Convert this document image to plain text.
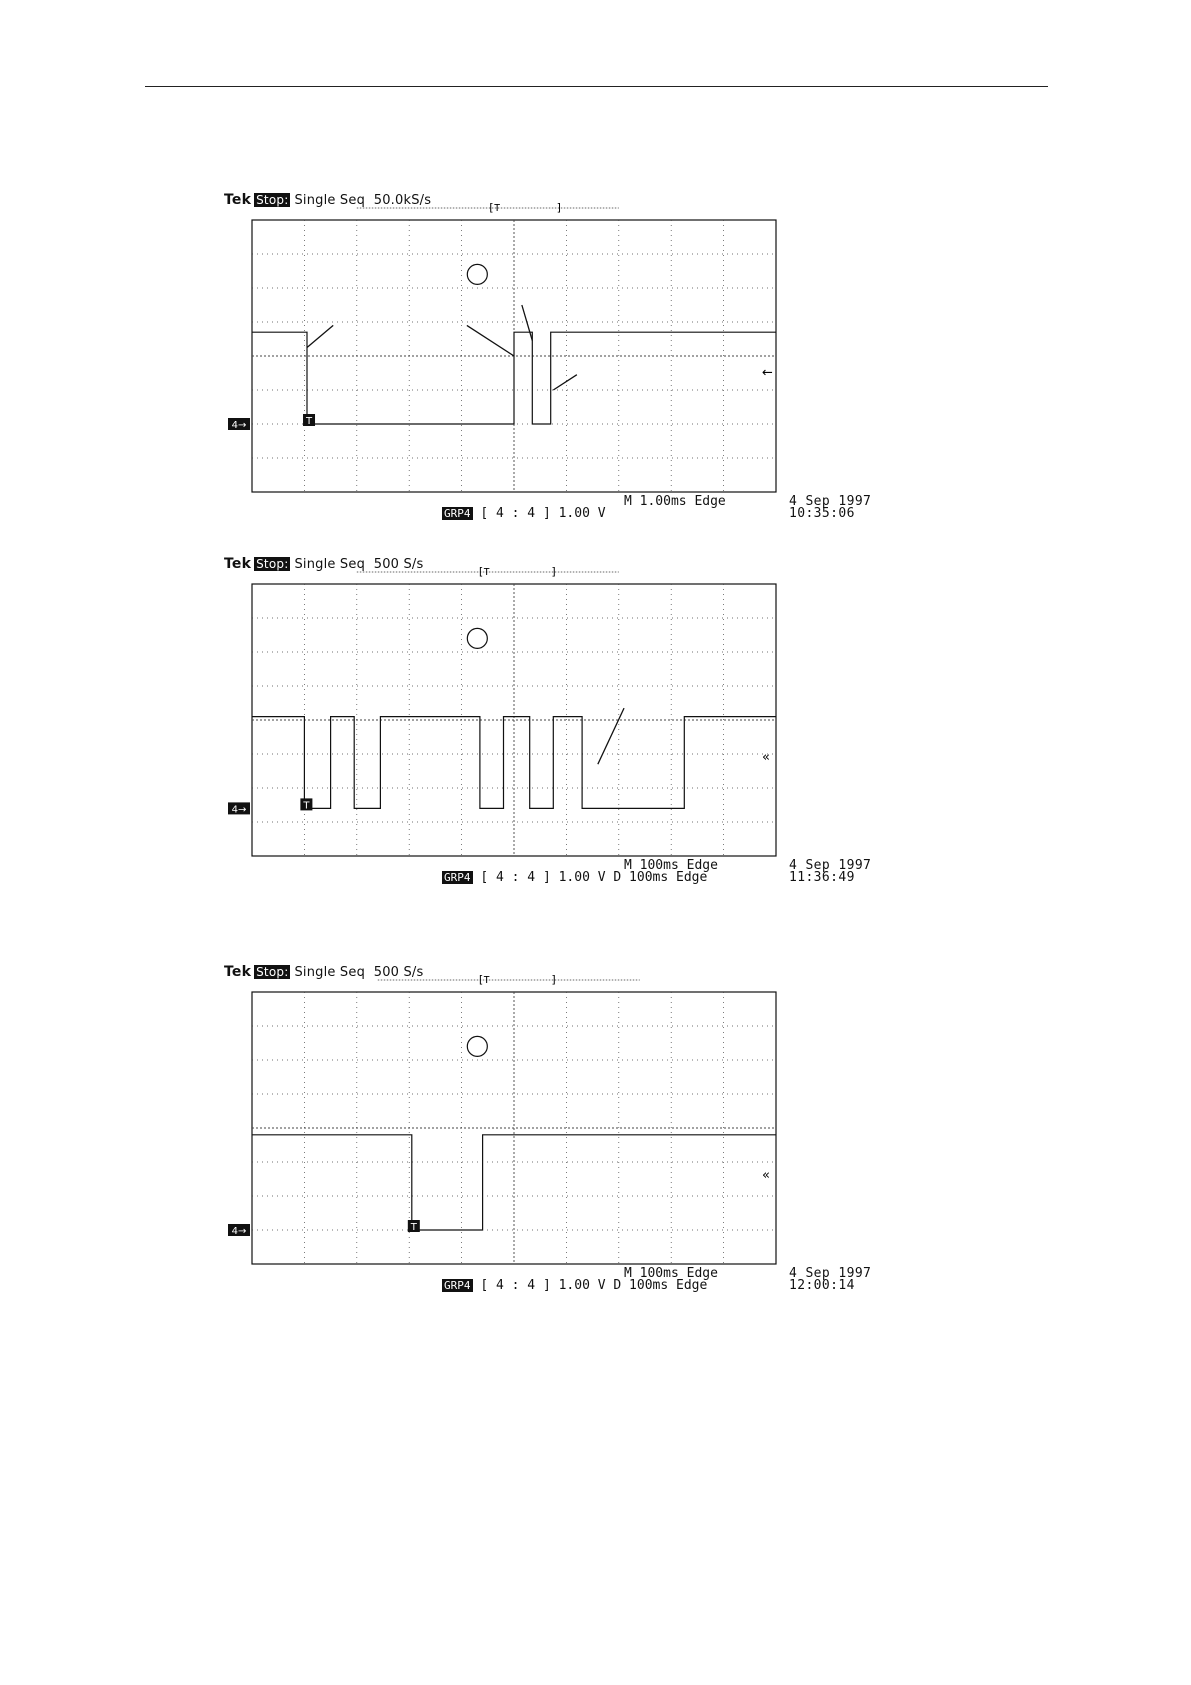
Tek Stop: Single Seq 50.0kS/s	[ T	]
T
4→
←
M 1.00ms Edge
GRP4 [ 4 : 4 ] 1.00 V
4 Sep 1997
10:35:06
Tek Stop: Single Seq 500 S/s	[ T	]
T
4→
«
M 100ms Edge
GRP4 [ 4 : 4 ] 1.00 V D 100ms Edge
4 Sep 1997
11:36:49
Tek Stop: Single Seq 500 S/s	[ T	]
T
4→
«
M 100ms Edge
GRP4 [ 4 : 4 ] 1.00 V D 100ms Edge
4 Sep 1997
12:00:14
